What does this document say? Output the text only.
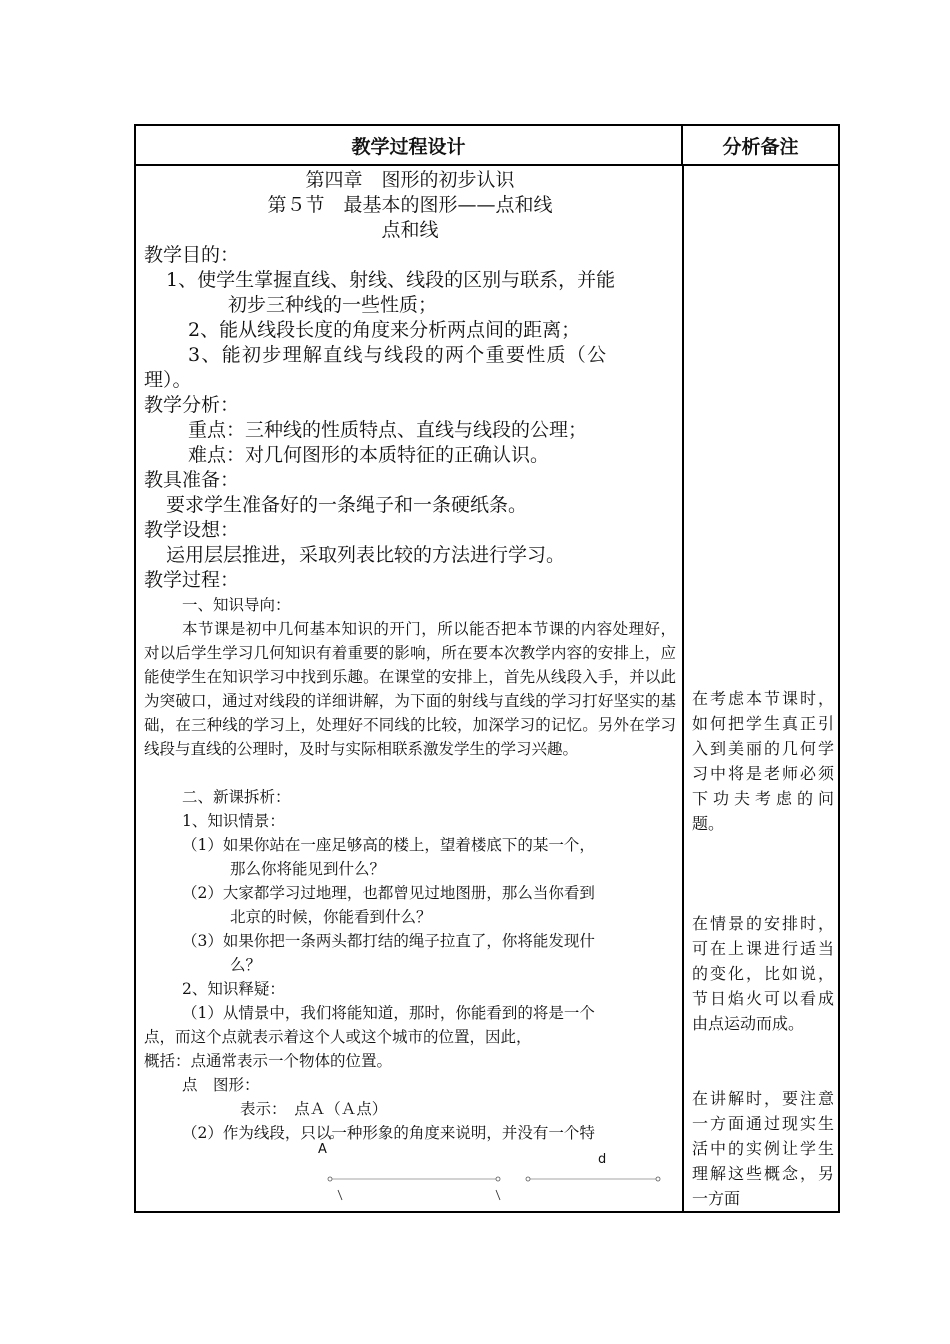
教学过程设计	分析备注
第四章　图形的初步认识
第５节　最基本的图形——点和线
点和线
教学目的：
1、使学生掌握直线、射线、线段的区别与联系，并能
初步三种线的一些性质；
2、能从线段长度的角度来分析两点间的距离；
3、能初步理解直线与线段的两个重要性质（公
理）。
教学分析：
重点：三种线的性质特点、直线与线段的公理；
难点：对几何图形的本质特征的正确认识。
教具准备：
要求学生准备好的一条绳子和一条硬纸条。
教学设想：
运用层层推进，采取列表比较的方法进行学习。
教学过程：
一、知识导向：
本节课是初中几何基本知识的开门，所以能否把本节课的内容处理好，对以后学生学习几何知识有着重要的影响，所在要本次教学内容的安排上，应能使学生在知识学习中找到乐趣。在课堂的安排上，首先从线段入手，并以此为突破口，通过对线段的详细讲解，为下面的射线与直线的学习打好坚实的基础，在三种线的学习上，处理好不同线的比较，加深学习的记忆。另外在学习线段与直线的公理时，及时与实际相联系激发学生的学习兴趣。
二、新课拆析：
1、知识情景：
（1）如果你站在一座足够高的楼上，望着楼底下的某一个，
那么你将能见到什么？
（2）大家都学习过地理，也都曾见过地图册，那么当你看到
北京的时候，你能看到什么？
（3）如果你把一条两头都打结的绳子拉直了，你将能发现什
么？
2、知识释疑：
（1）从情景中，我们将能知道，那时，你能看到的将是一个
点，而这个点就表示着这个人或这个城市的位置，因此，
概括：点通常表示一个物体的位置。
点　图形：
表示：　点Ａ（Ａ点）
（2）作为线段，只以一种形象的角度来说明，并没有一个特
在考虑本节课时，如何把学生真正引入到美丽的几何学习中将是老师必须下功夫考虑的问题。
在情景的安排时，可在上课进行适当的变化，比如说，节日焰火可以看成由点运动而成。
在讲解时，要注意一方面通过现实生活中的实例让学生理解这些概念，另一方面
A
d
